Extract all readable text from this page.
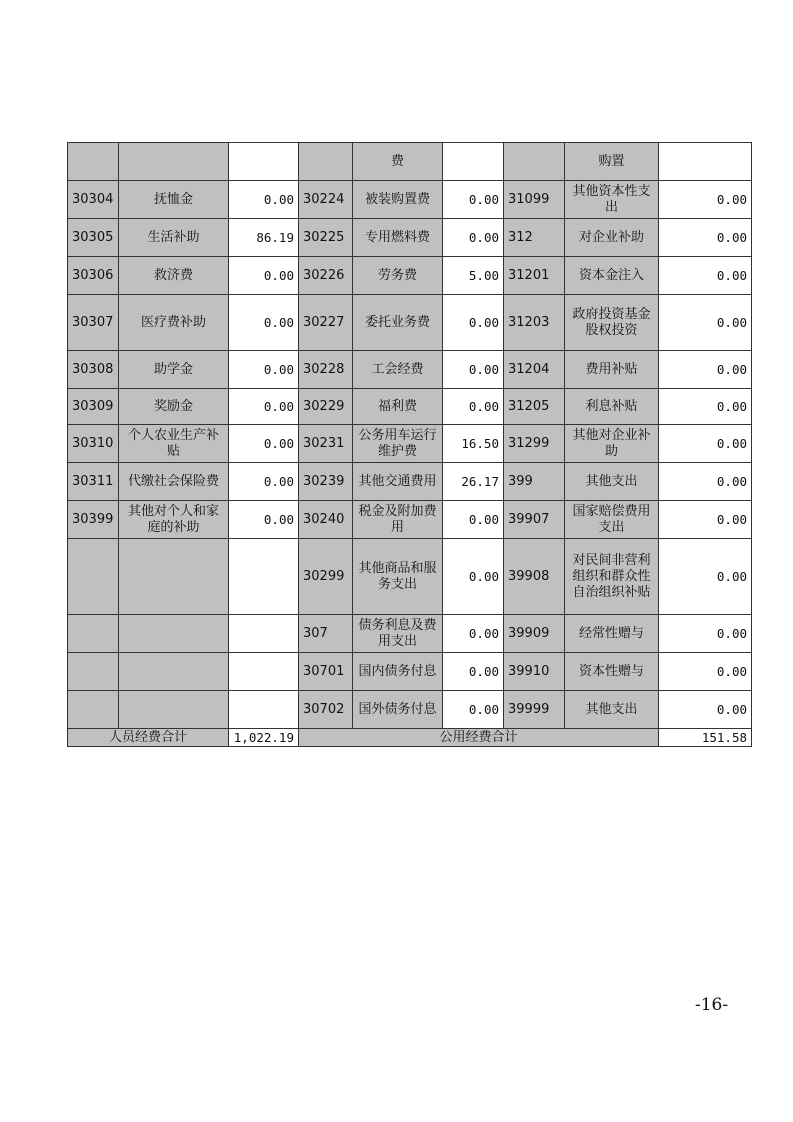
				费			购置	
30304	抚恤金	0.00	30224	被装购置费	0.00	31099	其他资本性支出	0.00
30305	生活补助	86.19	30225	专用燃料费	0.00	312	对企业补助	0.00
30306	救济费	0.00	30226	劳务费	5.00	31201	资本金注入	0.00
30307	医疗费补助	0.00	30227	委托业务费	0.00	31203	政府投资基金股权投资	0.00
30308	助学金	0.00	30228	工会经费	0.00	31204	费用补贴	0.00
30309	奖励金	0.00	30229	福利费	0.00	31205	利息补贴	0.00
30310	个人农业生产补贴	0.00	30231	公务用车运行维护费	16.50	31299	其他对企业补助	0.00
30311	代缴社会保险费	0.00	30239	其他交通费用	26.17	399	其他支出	0.00
30399	其他对个人和家庭的补助	0.00	30240	税金及附加费用	0.00	39907	国家赔偿费用支出	0.00
			30299	其他商品和服务支出	0.00	39908	对民间非营利组织和群众性自治组织补贴	0.00
			307	债务利息及费用支出	0.00	39909	经常性赠与	0.00
			30701	国内债务付息	0.00	39910	资本性赠与	0.00
			30702	国外债务付息	0.00	39999	其他支出	0.00
人员经费合计		1,022.19	公用经费合计					151.58
-16-
